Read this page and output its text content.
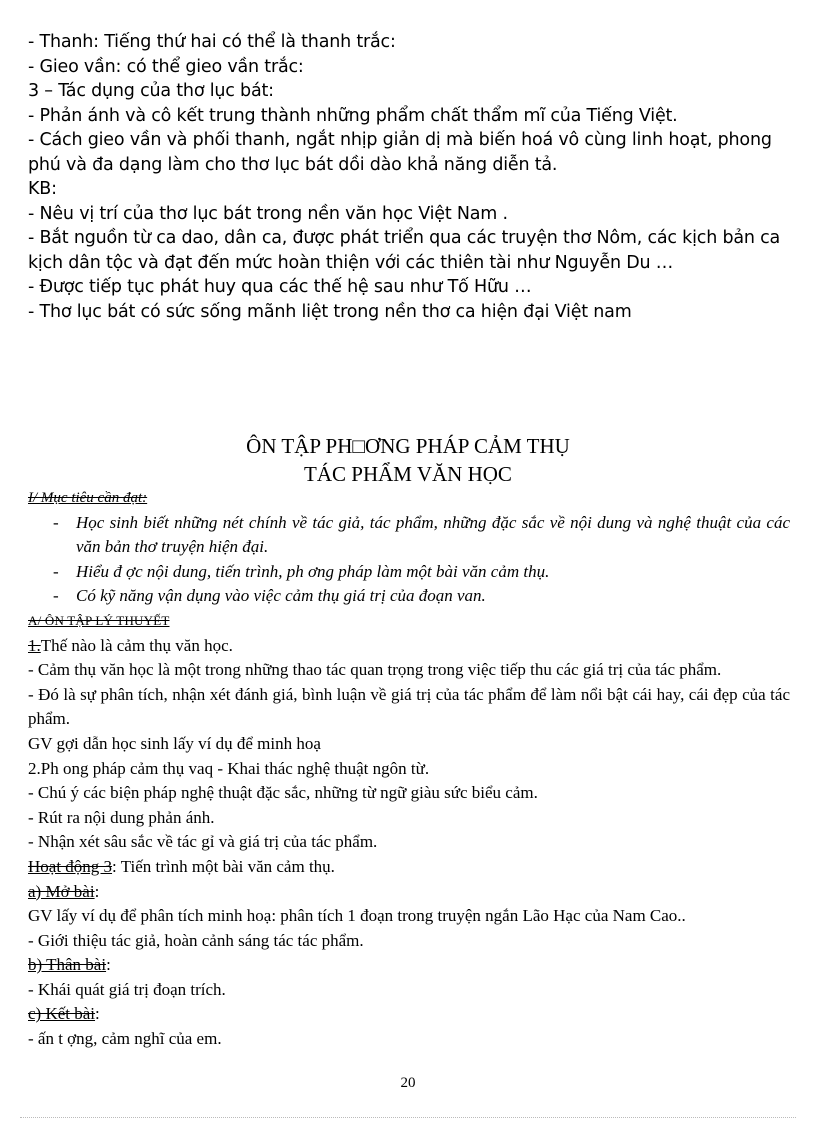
- Thanh: Tiếng thứ hai có thể là thanh trắc:
- Gieo vần: có thể gieo vần trắc:
3 – Tác dụng của thơ lục bát:
- Phản ánh và cô kết trung thành những phẩm chất thẩm mĩ của Tiếng Việt.
- Cách gieo vần và phối thanh, ngắt nhịp giản dị mà biến hoá vô cùng linh hoạt, phong phú và đa dạng làm cho thơ lục bát dồi dào khả năng diễn tả.
KB:
- Nêu vị trí của thơ lục bát trong nền văn học Việt Nam .
- Bắt nguồn từ ca dao, dân ca, được phát triển qua các truyện thơ Nôm, các kịch bản ca kịch dân tộc và đạt đến mức hoàn thiện với các thiên tài như Nguyễn Du …
- Được tiếp tục phát huy qua các thế hệ sau như Tố Hữu …
- Thơ lục bát có sức sống mãnh liệt trong nền thơ ca hiện đại Việt nam
ÔN TẬP PH□ƠNG PHÁP CẢM THỤ
TÁC PHẨM VĂN HỌC
I/ Mục tiêu cần đạt:
- Học sinh biết những nét chính về tác giả, tác phẩm, những đặc sắc về nội dung và nghệ thuật của các văn bản thơ truyện hiện đại.
- Hiểu đ ợc nội dung, tiến trình, ph ơng pháp làm một bài văn cảm thụ.
- Có kỹ năng vận dụng vào việc cảm thụ giá trị của đoạn van.
A/ ÔN TẬP LÝ THUYẾT
1.Thế nào là cảm thụ văn học.
- Cảm thụ văn học là một trong những thao tác quan trọng trong việc tiếp thu các giá trị của tác phẩm.
- Đó là sự phân tích, nhận xét đánh giá, bình luận về giá trị của tác phẩm để làm nổi bật cái hay, cái đẹp của tác phẩm.
GV gợi dẫn học sinh lấy ví dụ để minh hoạ
2.Ph ong pháp cảm thụ vaq - Khai thác nghệ thuật ngôn từ.
- Chú ý các biện pháp nghệ thuật đặc sắc, những từ ngữ giàu sức biểu cảm.
- Rút ra nội dung phản ánh.
- Nhận xét sâu sắc về tác gỉ và giá trị của tác phẩm.
Hoạt động 3: Tiến trình một bài văn cảm thụ.
a) Mở bài:
GV lấy ví dụ để phân tích minh hoạ: phân tích 1 đoạn trong truyện ngắn Lão Hạc của Nam Cao..
- Giới thiệu tác giả, hoàn cảnh sáng tác tác phẩm.
b) Thân bài:
- Khái quát giá trị đoạn trích.
c) Kết bài:
- ấn t ợng, cảm nghĩ của em.
20
